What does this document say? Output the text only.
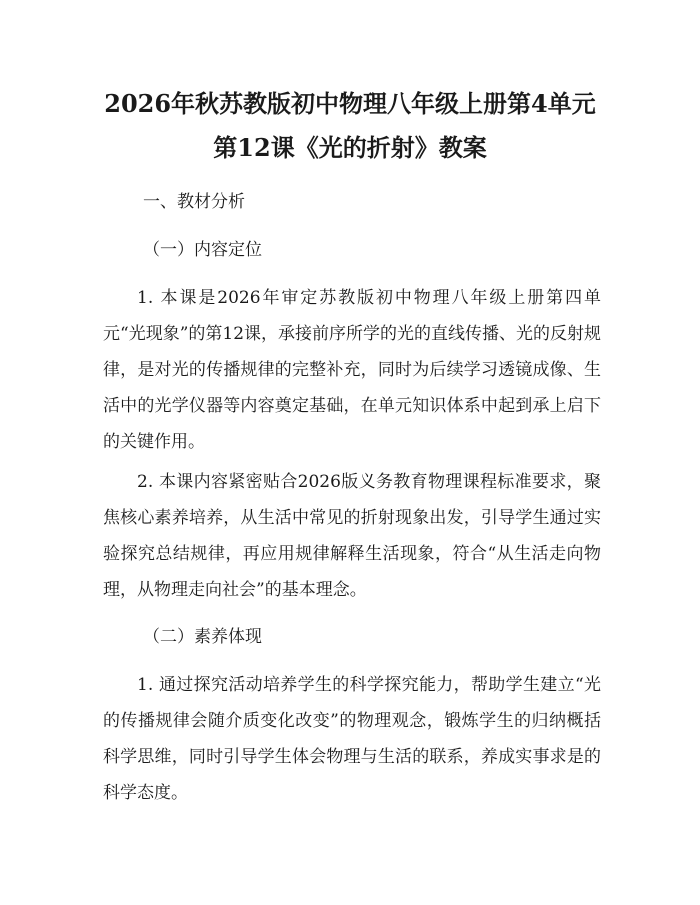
2026年秋苏教版初中物理八年级上册第4单元第12课《光的折射》教案

一、教材分析

（一）内容定位

1. 本课是2026年审定苏教版初中物理八年级上册第四单元“光现象”的第12课，承接前序所学的光的直线传播、光的反射规律，是对光的传播规律的完整补充，同时为后续学习透镜成像、生活中的光学仪器等内容奠定基础，在单元知识体系中起到承上启下的关键作用。

2. 本课内容紧密贴合2026版义务教育物理课程标准要求，聚焦核心素养培养，从生活中常见的折射现象出发，引导学生通过实验探究总结规律，再应用规律解释生活现象，符合“从生活走向物理，从物理走向社会”的基本理念。

（二）素养体现

1. 通过探究活动培养学生的科学探究能力，帮助学生建立“光的传播规律会随介质变化改变”的物理观念，锻炼学生的归纳概括科学思维，同时引导学生体会物理与生活的联系，养成实事求是的科学态度。
